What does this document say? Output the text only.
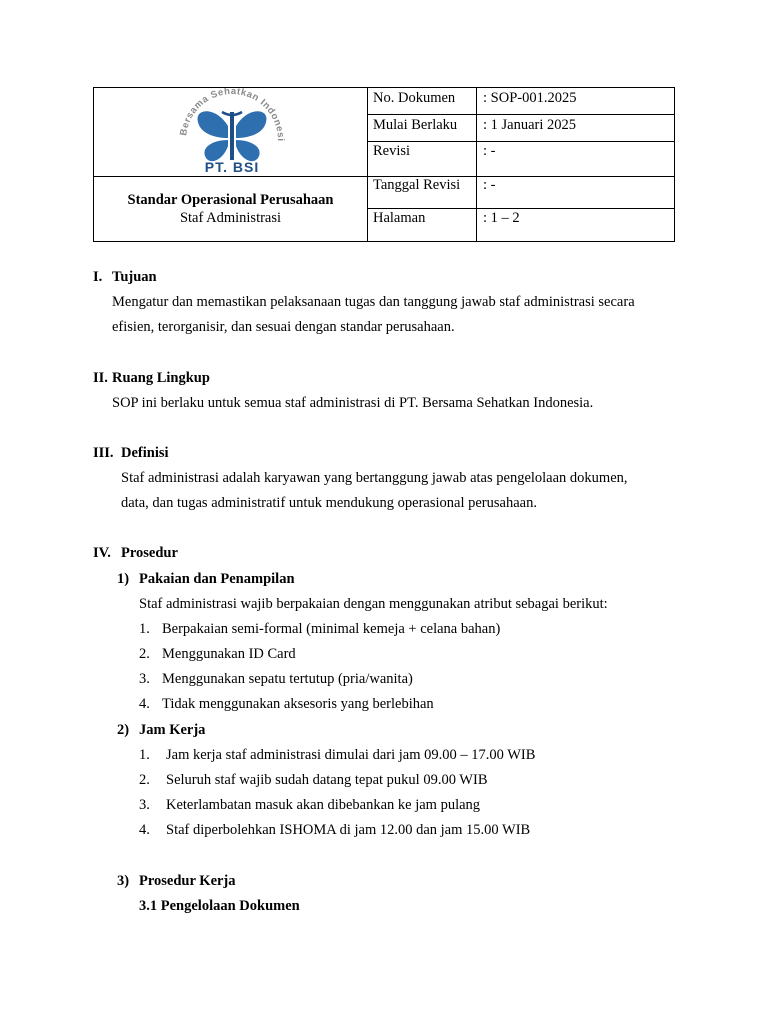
Bersama Sehatkan Indonesi
PT. BSI
Standar Operasional Perusahaan
Staf Administrasi
No. Dokumen : SOP-001.2025
Mulai Berlaku : 1 Januari 2025
Revisi	: -
Tanggal Revisi : -
Halaman	: 1 – 2
I. Tujuan
Mengatur dan memastikan pelaksanaan tugas dan tanggung jawab staf administrasi secara
efisien, terorganisir, dan sesuai dengan standar perusahaan.
II. Ruang Lingkup
SOP ini berlaku untuk semua staf administrasi di PT. Bersama Sehatkan Indonesia.
III. Definisi
Staf administrasi adalah karyawan yang bertanggung jawab atas pengelolaan dokumen,
data, dan tugas administratif untuk mendukung operasional perusahaan.
IV. Prosedur
1) Pakaian dan Penampilan
Staf administrasi wajib berpakaian dengan menggunakan atribut sebagai berikut:
1. Berpakaian semi-formal (minimal kemeja + celana bahan)
2. Menggunakan ID Card
3. Menggunakan sepatu tertutup (pria/wanita)
4. Tidak menggunakan aksesoris yang berlebihan
2) Jam Kerja
1. Jam kerja staf administrasi dimulai dari jam 09.00 – 17.00 WIB
2. Seluruh staf wajib sudah datang tepat pukul 09.00 WIB
3. Keterlambatan masuk akan dibebankan ke jam pulang
4. Staf diperbolehkan ISHOMA di jam 12.00 dan jam 15.00 WIB
3) Prosedur Kerja
3.1 Pengelolaan Dokumen
